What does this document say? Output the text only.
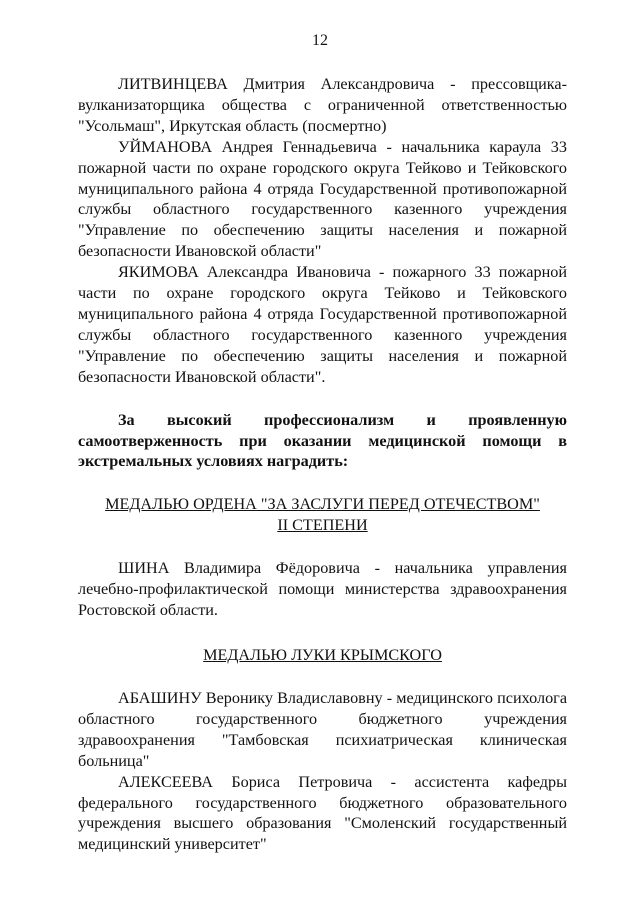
12

ЛИТВИНЦЕВА Дмитрия Александровича - прессовщика-вулканизаторщика общества с ограниченной ответственностью "Усольмаш", Иркутская область (посмертно)

УЙМАНОВА Андрея Геннадьевича - начальника караула 33 пожарной части по охране городского округа Тейково и Тейковского муниципального района 4 отряда Государственной противопожарной службы областного государственного казенного учреждения "Управление по обеспечению защиты населения и пожарной безопасности Ивановской области"

ЯКИМОВА Александра Ивановича - пожарного 33 пожарной части по охране городского округа Тейково и Тейковского муниципального района 4 отряда Государственной противопожарной службы областного государственного казенного учреждения "Управление по обеспечению защиты населения и пожарной безопасности Ивановской области".

За высокий профессионализм и проявленную самоотверженность при оказании медицинской помощи в экстремальных условиях наградить:

МЕДАЛЬЮ ОРДЕНА "ЗА ЗАСЛУГИ ПЕРЕД ОТЕЧЕСТВОМ"
II СТЕПЕНИ

ШИНА Владимира Фёдоровича - начальника управления лечебно-профилактической помощи министерства здравоохранения Ростовской области.

МЕДАЛЬЮ ЛУКИ КРЫМСКОГО

АБАШИНУ Веронику Владиславовну - медицинского психолога областного государственного бюджетного учреждения здравоохранения "Тамбовская психиатрическая клиническая больница"

АЛЕКСЕЕВА Бориса Петровича - ассистента кафедры федерального государственного бюджетного образовательного учреждения высшего образования "Смоленский государственный медицинский университет"
